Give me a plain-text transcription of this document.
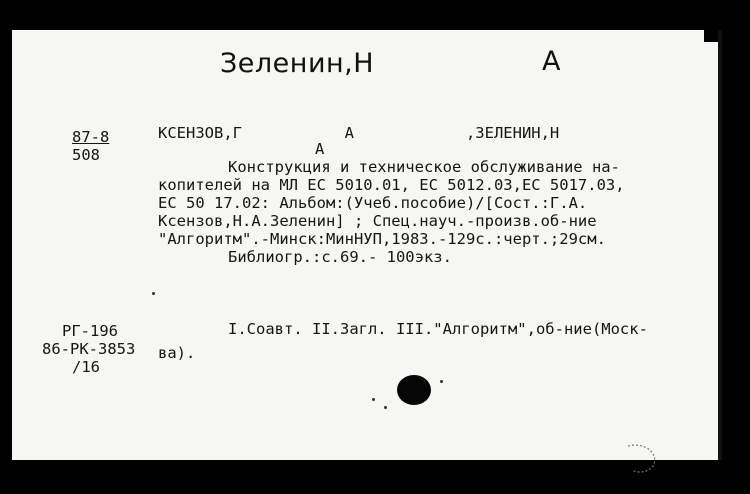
Зеленин,Н	А
87-8
508
КСЕНЗОВ,Г           А            ,ЗЕЛЕНИН,Н
А
Конструкция и техническое обслуживание на-
копителей на МЛ ЕС 5010.01, ЕС 5012.03,ЕС 5017.03,
ЕС 50 17.02: Альбом:(Учеб.пособие)/[Сост.:Г.А.
Ксензов,Н.А.Зеленин] ; Спец.науч.-произв.об-ние
"Алгоритм".-Минск:МинНУП,1983.-129с.:черт.;29см.
Библиогр.:с.69.- 100экз.
РГ-196
86-РК-3853
/16
I.Соавт. II.Загл. III."Алгоритм",об-ние(Моск-
ва).
